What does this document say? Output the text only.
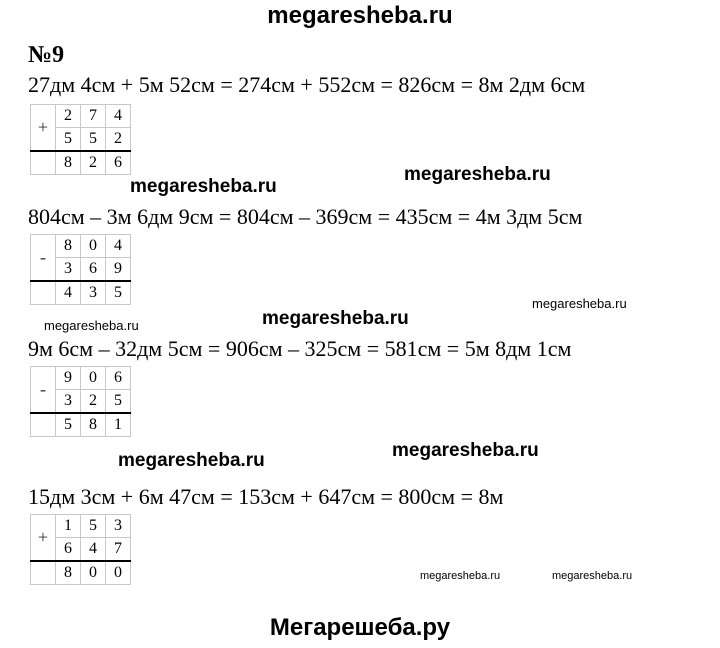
megaresheba.ru
№9
27дм 4см + 5м 52см = 274см + 552см = 826см = 8м 2дм 6см
+	2	7	4
	5	5	2
	8	2	6
804см – 3м 6дм 9см = 804см – 369см = 435см = 4м 3дм 5см
-	8	0	4
	3	6	9
	4	3	5
9м 6см – 32дм 5см = 906см – 325см = 581см = 5м 8дм 1см
-	9	0	6
	3	2	5
	5	8	1
15дм 3см + 6м 47см = 153см + 647см = 800см = 8м
+	1	5	3
	6	4	7
	8	0	0
megaresheba.ru
megaresheba.ru
megaresheba.ru
megaresheba.ru	megaresheba.ru
megaresheba.ru
megaresheba.ru
megaresheba.ru	megaresheba.ru
Мегарешеба.ру
